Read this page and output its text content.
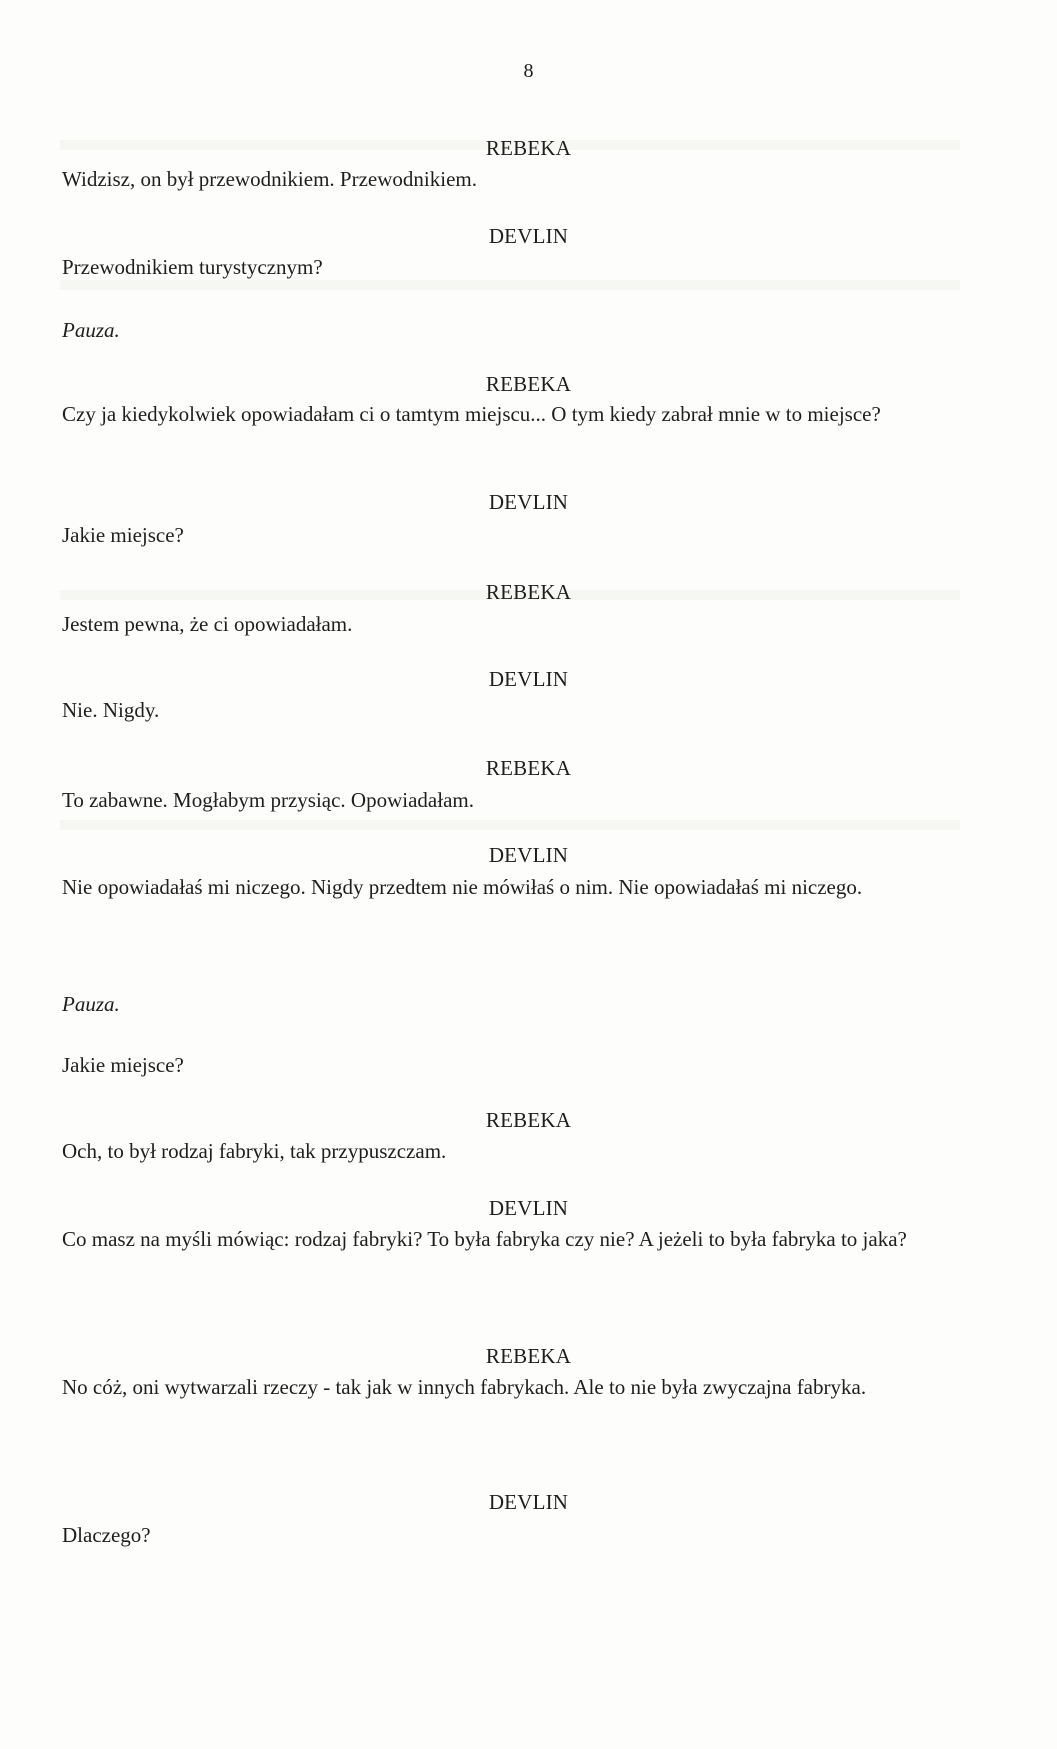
8
REBEKA
Widzisz, on był przewodnikiem. Przewodnikiem.
DEVLIN
Przewodnikiem turystycznym?
Pauza.
REBEKA
Czy ja kiedykolwiek opowiadałam ci o tamtym miejscu... O tym kiedy zabrał mnie w to miejsce?
DEVLIN
Jakie miejsce?
REBEKA
Jestem pewna, że ci opowiadałam.
DEVLIN
Nie. Nigdy.
REBEKA
To zabawne. Mogłabym przysiąc. Opowiadałam.
DEVLIN
Nie opowiadałaś mi niczego. Nigdy przedtem nie mówiłaś o nim. Nie opowiadałaś mi niczego.
Pauza.
Jakie miejsce?
REBEKA
Och, to był rodzaj fabryki, tak przypuszczam.
DEVLIN
Co masz na myśli mówiąc: rodzaj fabryki? To była fabryka czy nie? A jeżeli to była fabryka to jaka?
REBEKA
No cóż, oni wytwarzali rzeczy - tak jak w innych fabrykach. Ale to nie była zwyczajna fabryka.
DEVLIN
Dlaczego?
